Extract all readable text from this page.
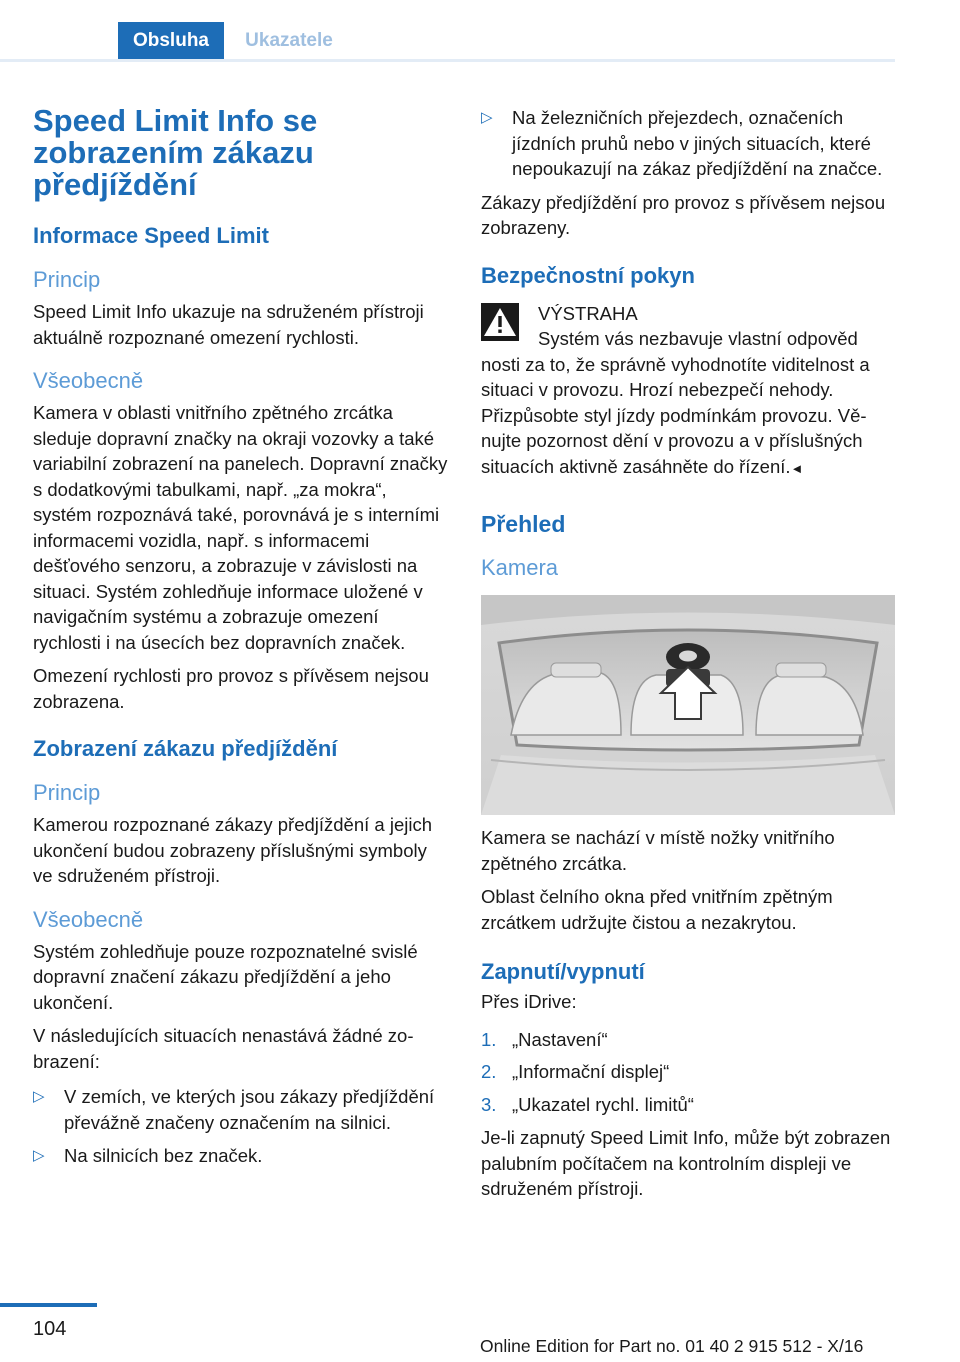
Obsluha	Ukazatele
Speed Limit Info se zobrazením zákazu předjíždění
Informace Speed Limit
Princip
Speed Limit Info ukazuje na sdruženém přístroji aktuálně rozpoznané omezení rychlosti.
Všeobecně
Kamera v oblasti vnitřního zpětného zrcátka sleduje dopravní značky na okraji vozovky a také variabilní zobrazení na panelech. Dopravní značky s dodatkovými tabulkami, např. „za mokra“, systém rozpoznává také, porovnává je s interními informacemi vozidla, např. s informacemi dešťového senzoru, a zobrazuje v závislosti na situaci. Systém zohledňuje informace uložené v navigačním systému a zobrazuje omezení rychlosti i na úsecích bez dopravních značek.
Omezení rychlosti pro provoz s přívěsem nejsou zobrazena.
Zobrazení zákazu předjíždění
Princip
Kamerou rozpoznané zákazy předjíždění a jejich ukončení budou zobrazeny příslušnými symboly ve sdruženém přístroji.
Všeobecně
Systém zohledňuje pouze rozpoznatelné svislé dopravní značení zákazu předjíždění a jeho ukončení.
V následujících situacích nenastává žádné zobrazení:
▷ V zemích, ve kterých jsou zákazy předjíždění převážně značeny označením na silnici.
▷ Na silnicích bez značek.
▷ Na železničních přejezdech, označeních jízdních pruhů nebo v jiných situacích, které nepoukazují na zákaz předjíždění na značce.
Zákazy předjíždění pro provoz s přívěsem nejsou zobrazeny.
Bezpečnostní pokyn
VÝSTRAHA
Systém vás nezbavuje vlastní odpověd
nosti za to, že správně vyhodnotíte viditelnost a situaci v provozu. Hrozí nebezpečí nehody. Přizpůsobte styl jízdy podmínkám provozu. Věnujte pozornost dění v provozu a v příslušných situacích aktivně zasáhněte do řízení.◄
Přehled
Kamera
Kamera se nachází v místě nožky vnitřního zpětného zrcátka.
Oblast čelního okna před vnitřním zpětným zrcátkem udržujte čistou a nezakrytou.
Zapnutí/vypnutí
Přes iDrive:
1. „Nastavení“
2. „Informační displej“
3. „Ukazatel rychl. limitů“
Je-li zapnutý Speed Limit Info, může být zobrazen palubním počítačem na kontrolním displeji ve sdruženém přístroji.
104
Online Edition for Part no. 01 40 2 915 512 - X/16
